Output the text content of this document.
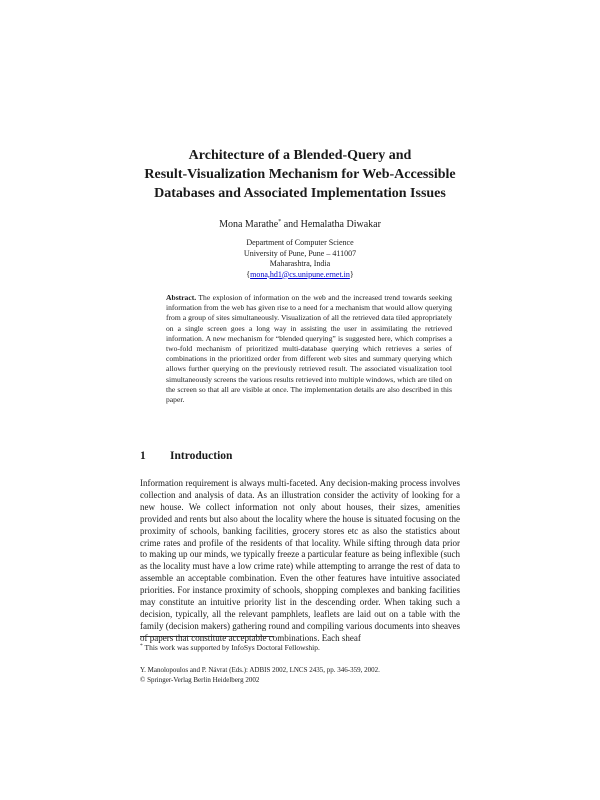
Architecture of a Blended-Query and
Result-Visualization Mechanism for Web-Accessible
Databases and Associated Implementation Issues
Mona Marathe* and Hemalatha Diwakar
Department of Computer Science
University of Pune, Pune – 411007
Maharashtra, India
{mona,hd1@cs.unipune.ernet.in}
Abstract. The explosion of information on the web and the increased trend towards seeking information from the web has given rise to a need for a mechanism that would allow querying from a group of sites simultaneously. Visualization of all the retrieved data tiled appropriately on a single screen goes a long way in assisting the user in assimilating the retrieved information. A new mechanism for “blended querying” is suggested here, which comprises a two-fold mechanism of prioritized multi-database querying which retrieves a series of combinations in the prioritized order from different web sites and summary querying which allows further querying on the previously retrieved result. The associated visualization tool simultaneously screens the various results retrieved into multiple windows, which are tiled on the screen so that all are visible at once. The implementation details are also described in this paper.
1 Introduction
Information requirement is always multi-faceted. Any decision-making process involves collection and analysis of data. As an illustration consider the activity of looking for a new house. We collect information not only about houses, their sizes, amenities provided and rents but also about the locality where the house is situated focusing on the proximity of schools, banking facilities, grocery stores etc as also the statistics about crime rates and profile of the residents of that locality. While sifting through data prior to making up our minds, we typically freeze a particular feature as being inflexible (such as the locality must have a low crime rate) while attempting to arrange the rest of data to assemble an acceptable combination. Even the other features have intuitive associated priorities. For instance proximity of schools, shopping complexes and banking facilities may constitute an intuitive priority list in the descending order. When taking such a decision, typically, all the relevant pamphlets, leaflets are laid out on a table with the family (decision makers) gathering round and compiling various documents into sheaves of papers that constitute acceptable combinations. Each sheaf
* This work was supported by InfoSys Doctoral Fellowship.
Y. Manolopoulos and P. Návrat (Eds.): ADBIS 2002, LNCS 2435, pp. 346-359, 2002.
© Springer-Verlag Berlin Heidelberg 2002
